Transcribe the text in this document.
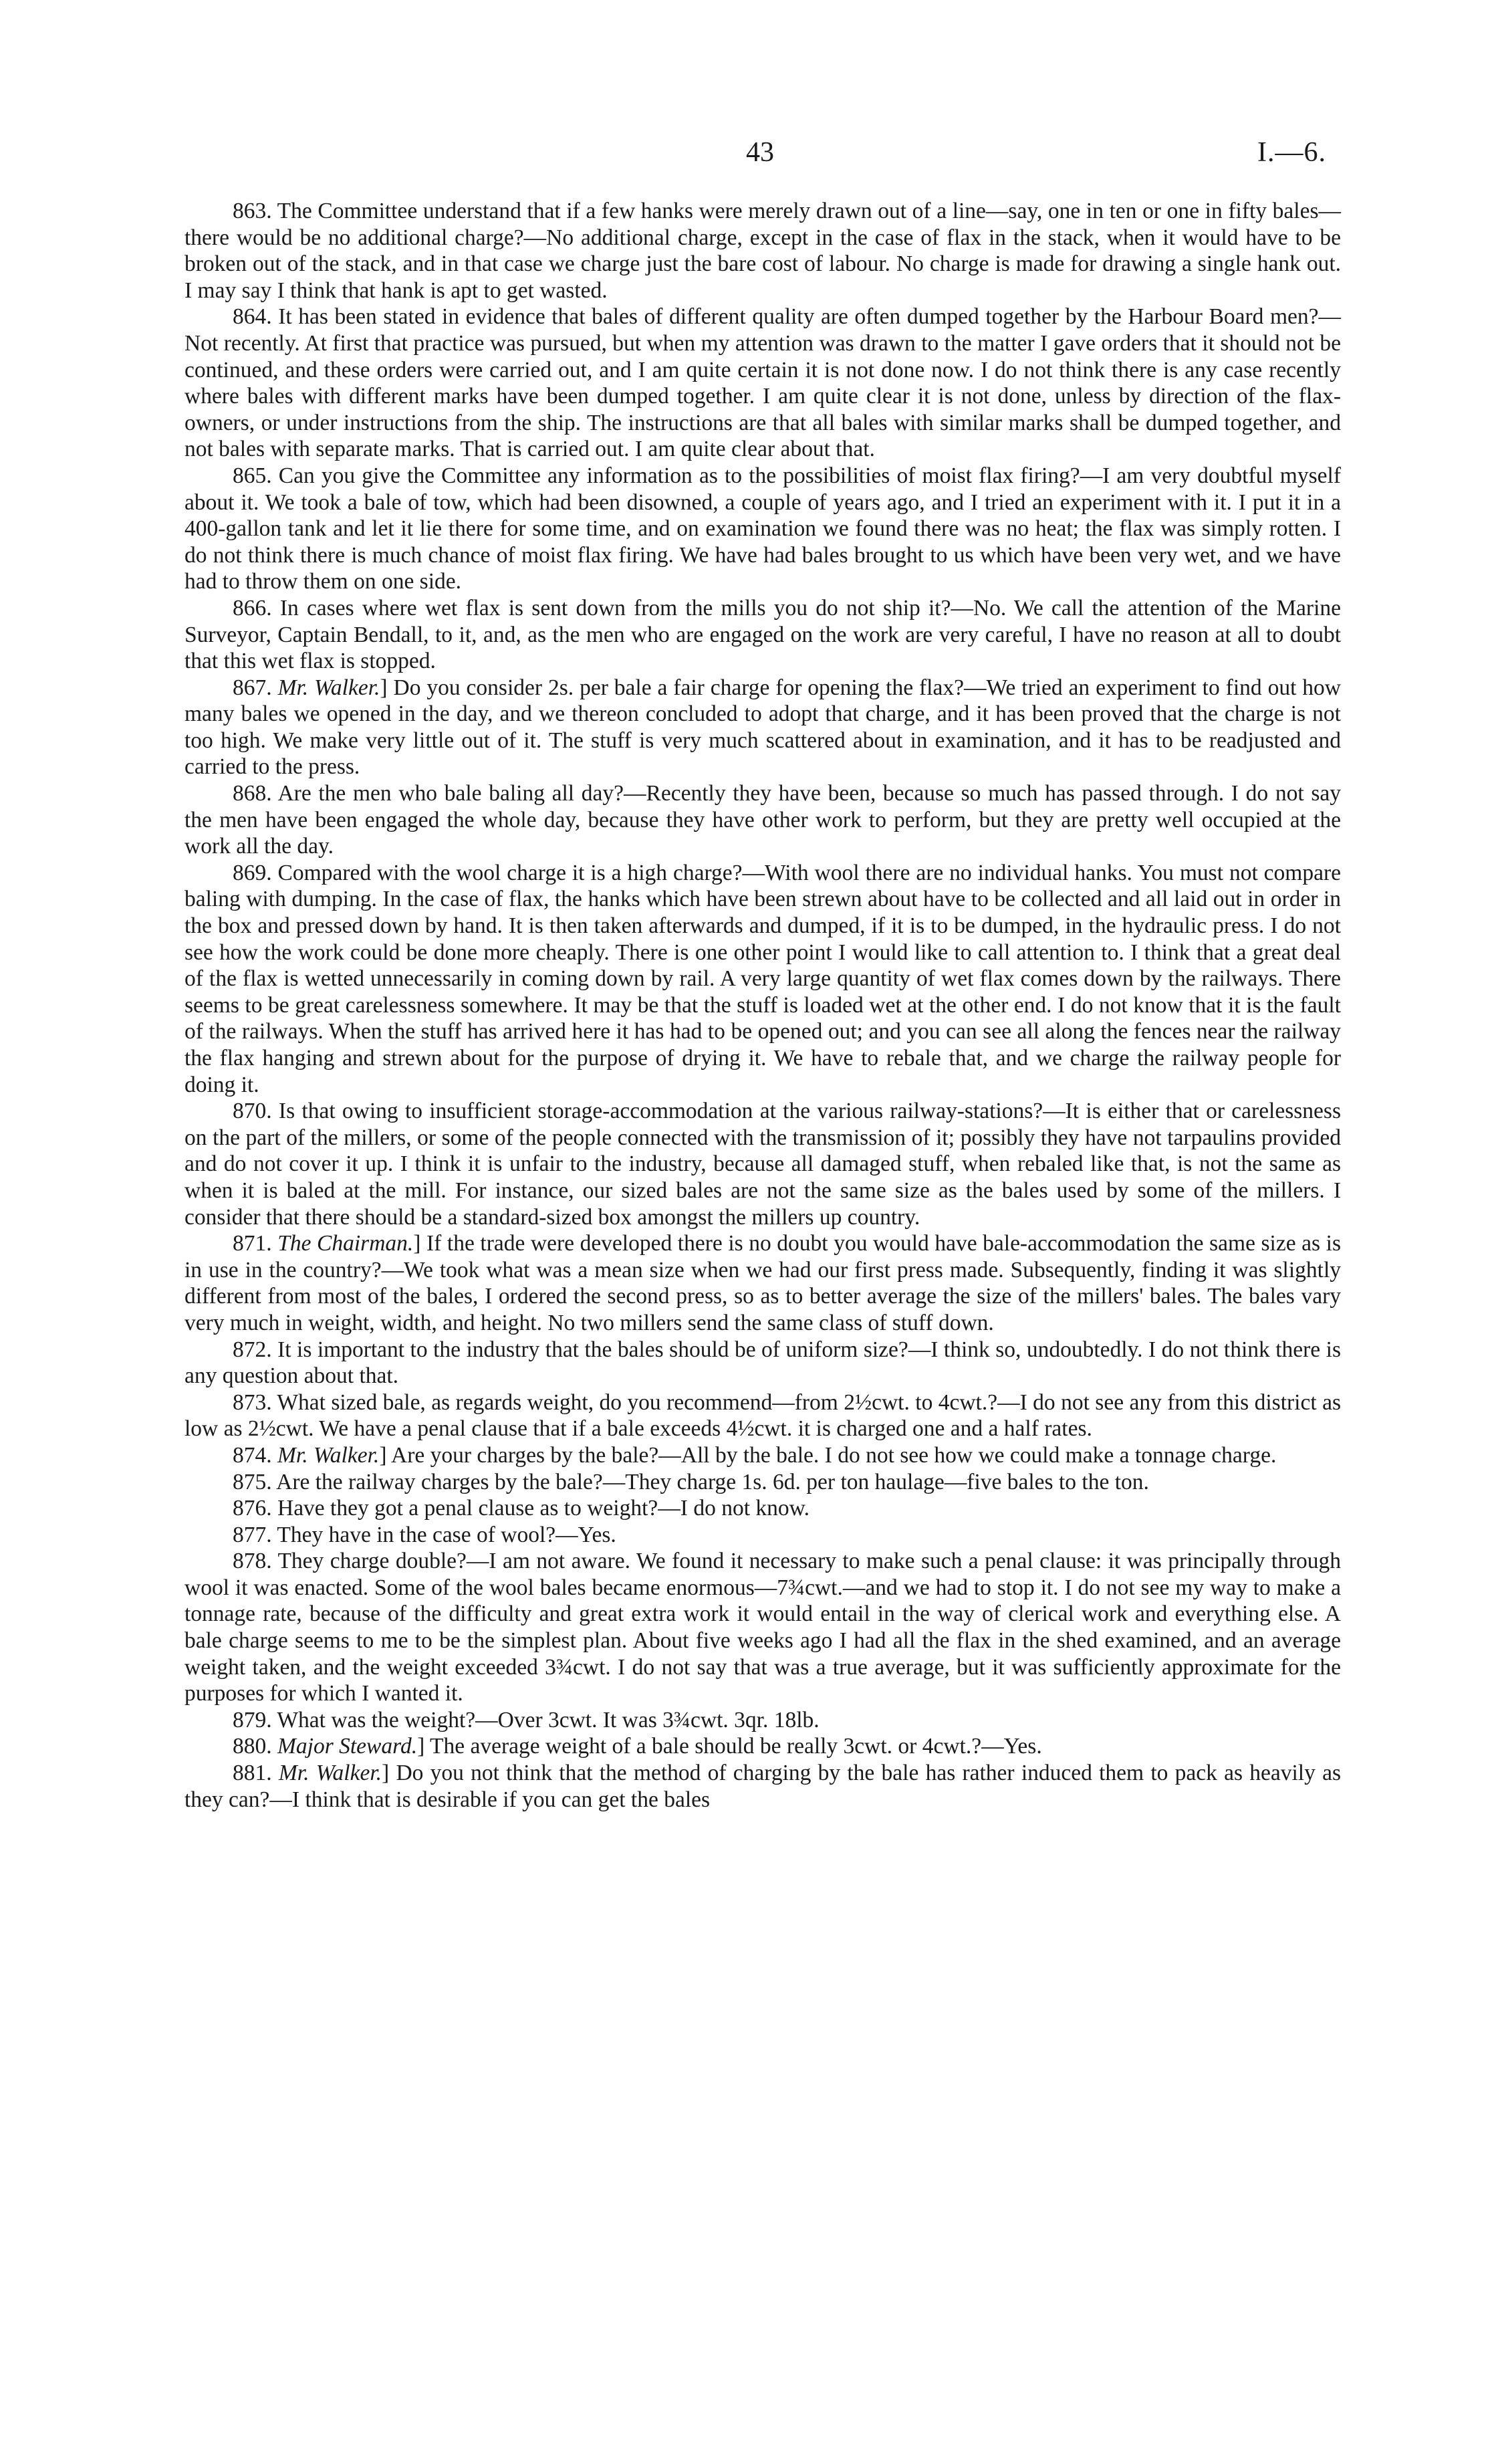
43	I.—6.

863. The Committee understand that if a few hanks were merely drawn out of a line—say, one in ten or one in fifty bales—there would be no additional charge?—No additional charge, except in the case of flax in the stack, when it would have to be broken out of the stack, and in that case we charge just the bare cost of labour. No charge is made for drawing a single hank out. I may say I think that hank is apt to get wasted.

864. It has been stated in evidence that bales of different quality are often dumped together by the Harbour Board men?—Not recently. At first that practice was pursued, but when my attention was drawn to the matter I gave orders that it should not be continued, and these orders were carried out, and I am quite certain it is not done now. I do not think there is any case recently where bales with different marks have been dumped together. I am quite clear it is not done, unless by direction of the flax-owners, or under instructions from the ship. The instructions are that all bales with similar marks shall be dumped together, and not bales with separate marks. That is carried out. I am quite clear about that.

865. Can you give the Committee any information as to the possibilities of moist flax firing?—I am very doubtful myself about it. We took a bale of tow, which had been disowned, a couple of years ago, and I tried an experiment with it. I put it in a 400-gallon tank and let it lie there for some time, and on examination we found there was no heat; the flax was simply rotten. I do not think there is much chance of moist flax firing. We have had bales brought to us which have been very wet, and we have had to throw them on one side.

866. In cases where wet flax is sent down from the mills you do not ship it?—No. We call the attention of the Marine Surveyor, Captain Bendall, to it, and, as the men who are engaged on the work are very careful, I have no reason at all to doubt that this wet flax is stopped.

867. Mr. Walker.] Do you consider 2s. per bale a fair charge for opening the flax?—We tried an experiment to find out how many bales we opened in the day, and we thereon concluded to adopt that charge, and it has been proved that the charge is not too high. We make very little out of it. The stuff is very much scattered about in examination, and it has to be readjusted and carried to the press.

868. Are the men who bale baling all day?—Recently they have been, because so much has passed through. I do not say the men have been engaged the whole day, because they have other work to perform, but they are pretty well occupied at the work all the day.

869. Compared with the wool charge it is a high charge?—With wool there are no individual hanks. You must not compare baling with dumping. In the case of flax, the hanks which have been strewn about have to be collected and all laid out in order in the box and pressed down by hand. It is then taken afterwards and dumped, if it is to be dumped, in the hydraulic press. I do not see how the work could be done more cheaply. There is one other point I would like to call attention to. I think that a great deal of the flax is wetted unnecessarily in coming down by rail. A very large quantity of wet flax comes down by the railways. There seems to be great carelessness somewhere. It may be that the stuff is loaded wet at the other end. I do not know that it is the fault of the railways. When the stuff has arrived here it has had to be opened out; and you can see all along the fences near the railway the flax hanging and strewn about for the purpose of drying it. We have to rebale that, and we charge the railway people for doing it.

870. Is that owing to insufficient storage-accommodation at the various railway-stations?—It is either that or carelessness on the part of the millers, or some of the people connected with the transmission of it; possibly they have not tarpaulins provided and do not cover it up. I think it is unfair to the industry, because all damaged stuff, when rebaled like that, is not the same as when it is baled at the mill. For instance, our sized bales are not the same size as the bales used by some of the millers. I consider that there should be a standard-sized box amongst the millers up country.

871. The Chairman.] If the trade were developed there is no doubt you would have bale-accommodation the same size as is in use in the country?—We took what was a mean size when we had our first press made. Subsequently, finding it was slightly different from most of the bales, I ordered the second press, so as to better average the size of the millers' bales. The bales vary very much in weight, width, and height. No two millers send the same class of stuff down.

872. It is important to the industry that the bales should be of uniform size?—I think so, undoubtedly. I do not think there is any question about that.

873. What sized bale, as regards weight, do you recommend—from 2½cwt. to 4cwt.?—I do not see any from this district as low as 2½cwt. We have a penal clause that if a bale exceeds 4½cwt. it is charged one and a half rates.

874. Mr. Walker.] Are your charges by the bale?—All by the bale. I do not see how we could make a tonnage charge.

875. Are the railway charges by the bale?—They charge 1s. 6d. per ton haulage—five bales to the ton.

876. Have they got a penal clause as to weight?—I do not know.

877. They have in the case of wool?—Yes.

878. They charge double?—I am not aware. We found it necessary to make such a penal clause: it was principally through wool it was enacted. Some of the wool bales became enormous—7¾cwt.—and we had to stop it. I do not see my way to make a tonnage rate, because of the difficulty and great extra work it would entail in the way of clerical work and everything else. A bale charge seems to me to be the simplest plan. About five weeks ago I had all the flax in the shed examined, and an average weight taken, and the weight exceeded 3¾cwt. I do not say that was a true average, but it was sufficiently approximate for the purposes for which I wanted it.

879. What was the weight?—Over 3cwt. It was 3¾cwt. 3qr. 18lb.

880. Major Steward.] The average weight of a bale should be really 3cwt. or 4cwt.?—Yes.

881. Mr. Walker.] Do you not think that the method of charging by the bale has rather induced them to pack as heavily as they can?—I think that is desirable if you can get the bales
